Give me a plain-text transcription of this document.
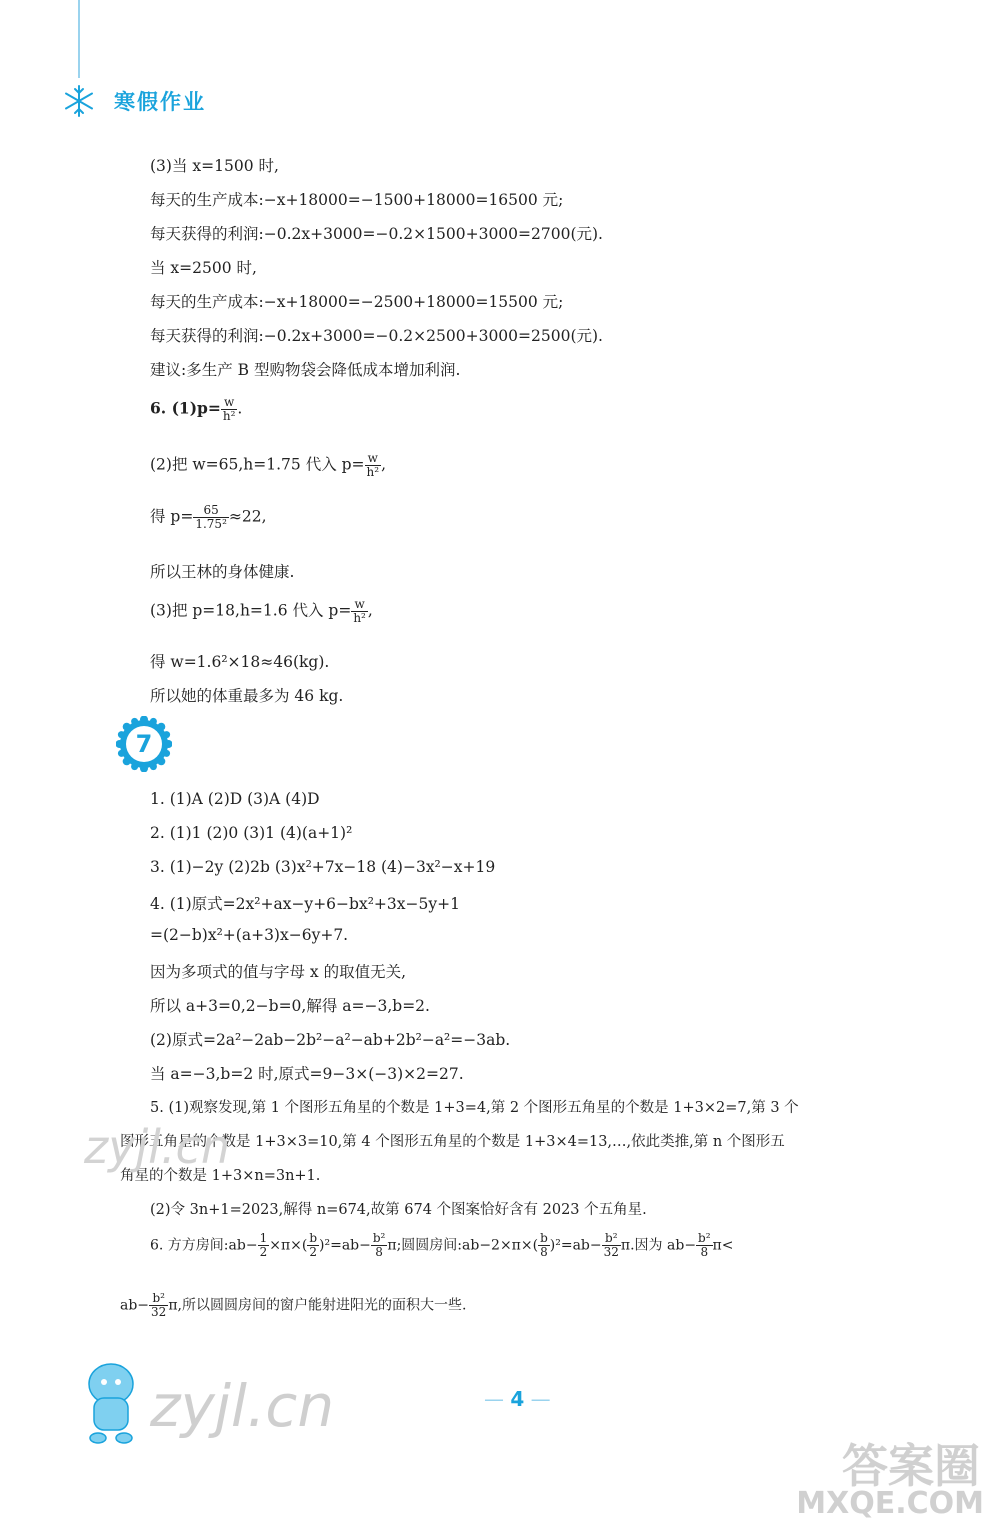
寒假作业
(3)当 x=1500 时,
每天的生产成本:−x+18000=−1500+18000=16500 元;
每天获得的利润:−0.2x+3000=−0.2×1500+3000=2700(元).
当 x=2500 时,
每天的生产成本:−x+18000=−2500+18000=15500 元;
每天获得的利润:−0.2x+3000=−0.2×2500+3000=2500(元).
建议:多生产 B 型购物袋会降低成本增加利润.
6. $(1)p= \frac{w}{\text{h²}}$ .
(2)把 w=65,h=1.75 代入 $p= \frac{w}{\text{h²}}$ ,
得 $p= \frac{65}{\text{1.75²}} \approx 22$,
所以王林的身体健康.
(3)把 p=18,h=1.6 代入 $p= \frac{w}{\text{h²}}$ ,
得 w=1.6²×18≈46(kg).
所以她的体重最多为 46 kg.
7
1. (1)A (2)D (3)A (4)D
2. (1)1 (2)0 (3)1 (4)(a+1)²
3. (1)−2y (2)2b (3)x²+7x−18 (4)−3x²−x+19
4. (1)原式=2x²+ax−y+6−bx²+3x−5y+1
=(2−b)x²+(a+3)x−6y+7.
因为多项式的值与字母 x 的取值无关,
所以 a+3=0,2−b=0,解得 a=−3,b=2.
(2)原式=2a²−2ab−2b²−a²−ab+2b²−a²=−3ab.
当 a=−3,b=2 时,原式=9−3×(−3)×2=27.
5. (1)观察发现,第 1 个图形五角星的个数是 1+3=4,第 2 个图形五角星的个数是 1+3×2=7,第 3 个
图形五角星的个数是 1+3×3=10,第 4 个图形五角星的个数是 1+3×4=13,…,依此类推,第 n 个图形五
角星的个数是 1+3×n=3n+1.
(2)令 3n+1=2023,解得 n=674,故第 674 个图案恰好含有 2023 个五角星.
6. 方方房间:ab− $\frac{1}{2} \times\pi\times( \frac{b}{2} )^2=ab- \frac{\text{b²}}{8} \pi$;圆圆房间:ab−2×π×( $\frac{b}{8} )^2=ab- \frac{\text{b²}}{32} \pi$.因为 $ab- \frac{\text{b²}}{8} \pi<$
$ab- \frac{\text{b²}}{32} \pi$,所以圆圆房间的窗户能射进阳光的面积大一些.
zyjl.cn
zyjl.cn
答案圈
MXQE.COM
— 4 —
